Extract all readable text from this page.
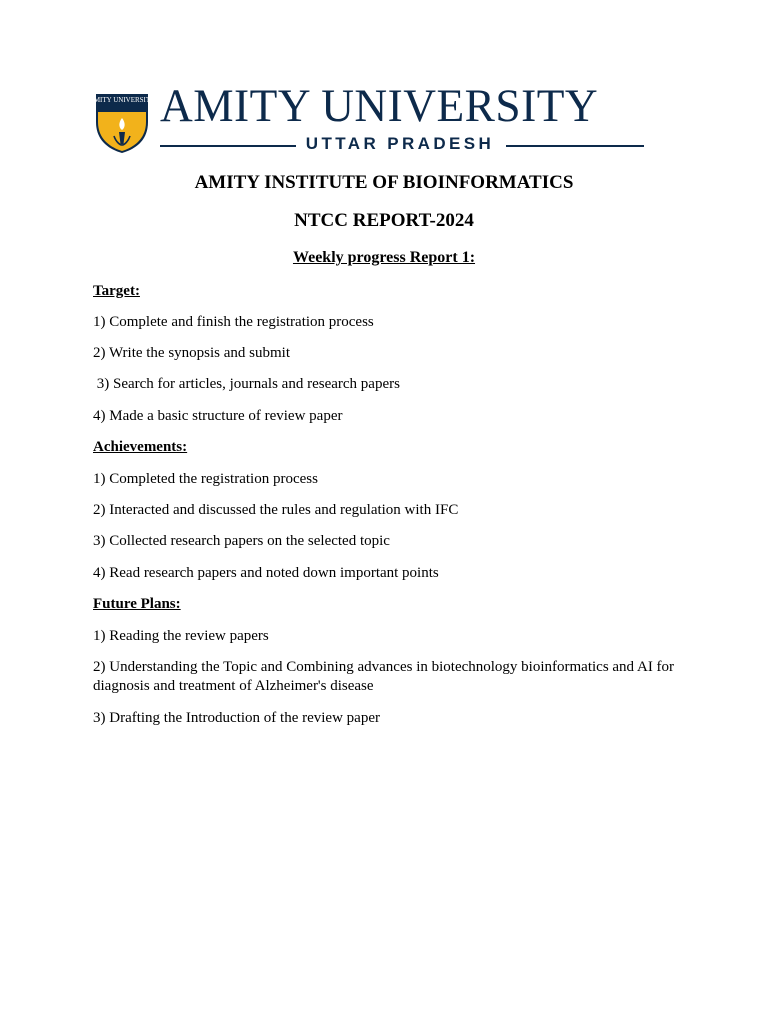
AMITY UNIVERSITY AMITY UNIVERSITY
UTTAR PRADESH
AMITY INSTITUTE OF BIOINFORMATICS
NTCC REPORT-2024
Weekly progress Report 1:
Target:
1) Complete and finish the registration process
2) Write the synopsis and submit
3) Search for articles, journals and research papers
4) Made a basic structure of review paper
Achievements:
1) Completed the registration process
2) Interacted and discussed the rules and regulation with IFC
3) Collected research papers on the selected topic
4) Read research papers and noted down important points
Future Plans:
1) Reading the review papers
2) Understanding the Topic and Combining advances in biotechnology bioinformatics and AI for diagnosis and treatment of Alzheimer's disease
3) Drafting the Introduction of the review paper
